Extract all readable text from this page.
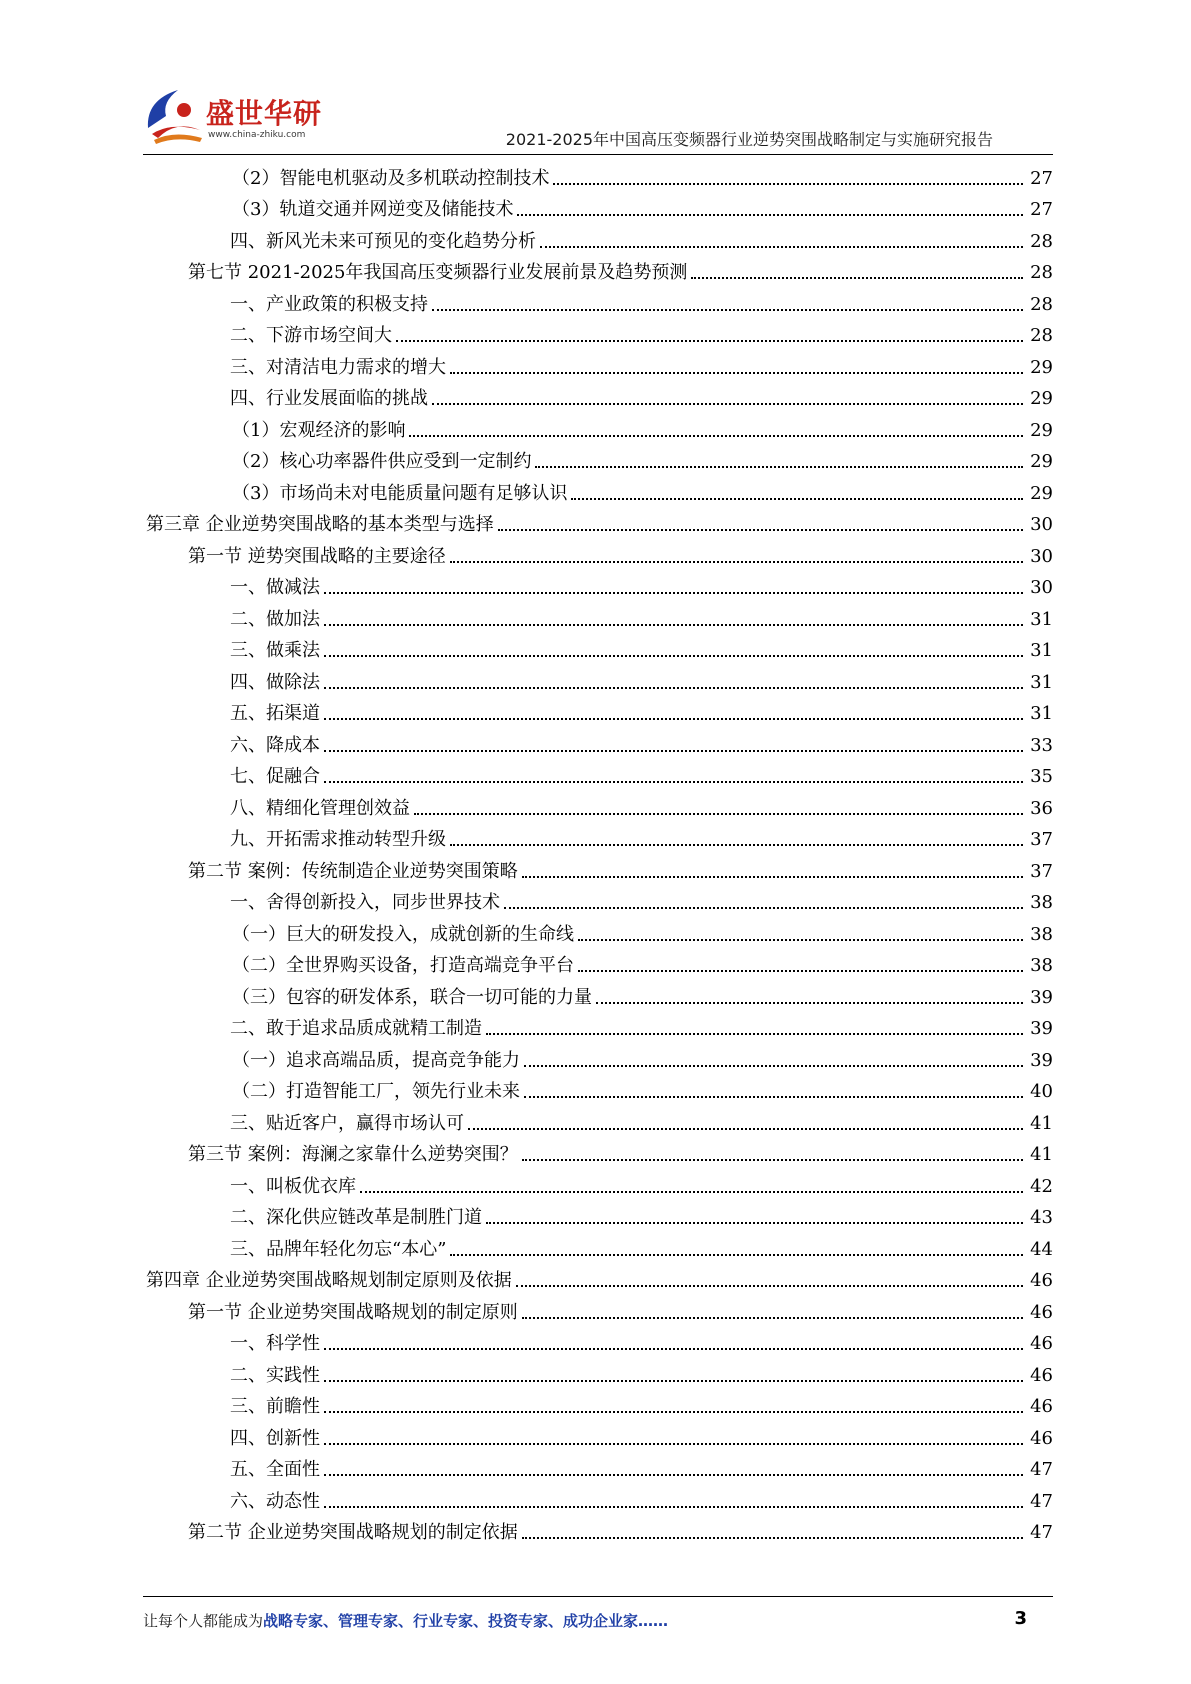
盛世华研
www.china-zhiku.com	2021-2025年中国高压变频器行业逆势突围战略制定与实施研究报告
（2）智能电机驱动及多机联动控制技术	27
（3）轨道交通并网逆变及储能技术	27
四、新风光未来可预见的变化趋势分析	28
第七节 2021-2025年我国高压变频器行业发展前景及趋势预测	28
一、产业政策的积极支持	28
二、下游市场空间大	28
三、对清洁电力需求的增大	29
四、行业发展面临的挑战	29
（1）宏观经济的影响	29
（2）核心功率器件供应受到一定制约	29
（3）市场尚未对电能质量问题有足够认识	29
第三章 企业逆势突围战略的基本类型与选择	30
第一节 逆势突围战略的主要途径	30
一、做减法	30
二、做加法	31
三、做乘法	31
四、做除法	31
五、拓渠道	31
六、降成本	33
七、促融合	35
八、精细化管理创效益	36
九、开拓需求推动转型升级	37
第二节 案例：传统制造企业逆势突围策略	37
一、舍得创新投入，同步世界技术	38
（一）巨大的研发投入，成就创新的生命线	38
（二）全世界购买设备，打造高端竞争平台	38
（三）包容的研发体系，联合一切可能的力量	39
二、敢于追求品质成就精工制造	39
（一）追求高端品质，提高竞争能力	39
（二）打造智能工厂，领先行业未来	40
三、贴近客户，赢得市场认可	41
第三节 案例：海澜之家靠什么逆势突围？	41
一、叫板优衣库	42
二、深化供应链改革是制胜门道	43
三、品牌年轻化勿忘“本心”	44
第四章 企业逆势突围战略规划制定原则及依据	46
第一节 企业逆势突围战略规划的制定原则	46
一、科学性	46
二、实践性	46
三、前瞻性	46
四、创新性	46
五、全面性	47
六、动态性	47
第二节 企业逆势突围战略规划的制定依据	47
让每个人都能成为战略专家、管理专家、行业专家、投资专家、成功企业家……	3
